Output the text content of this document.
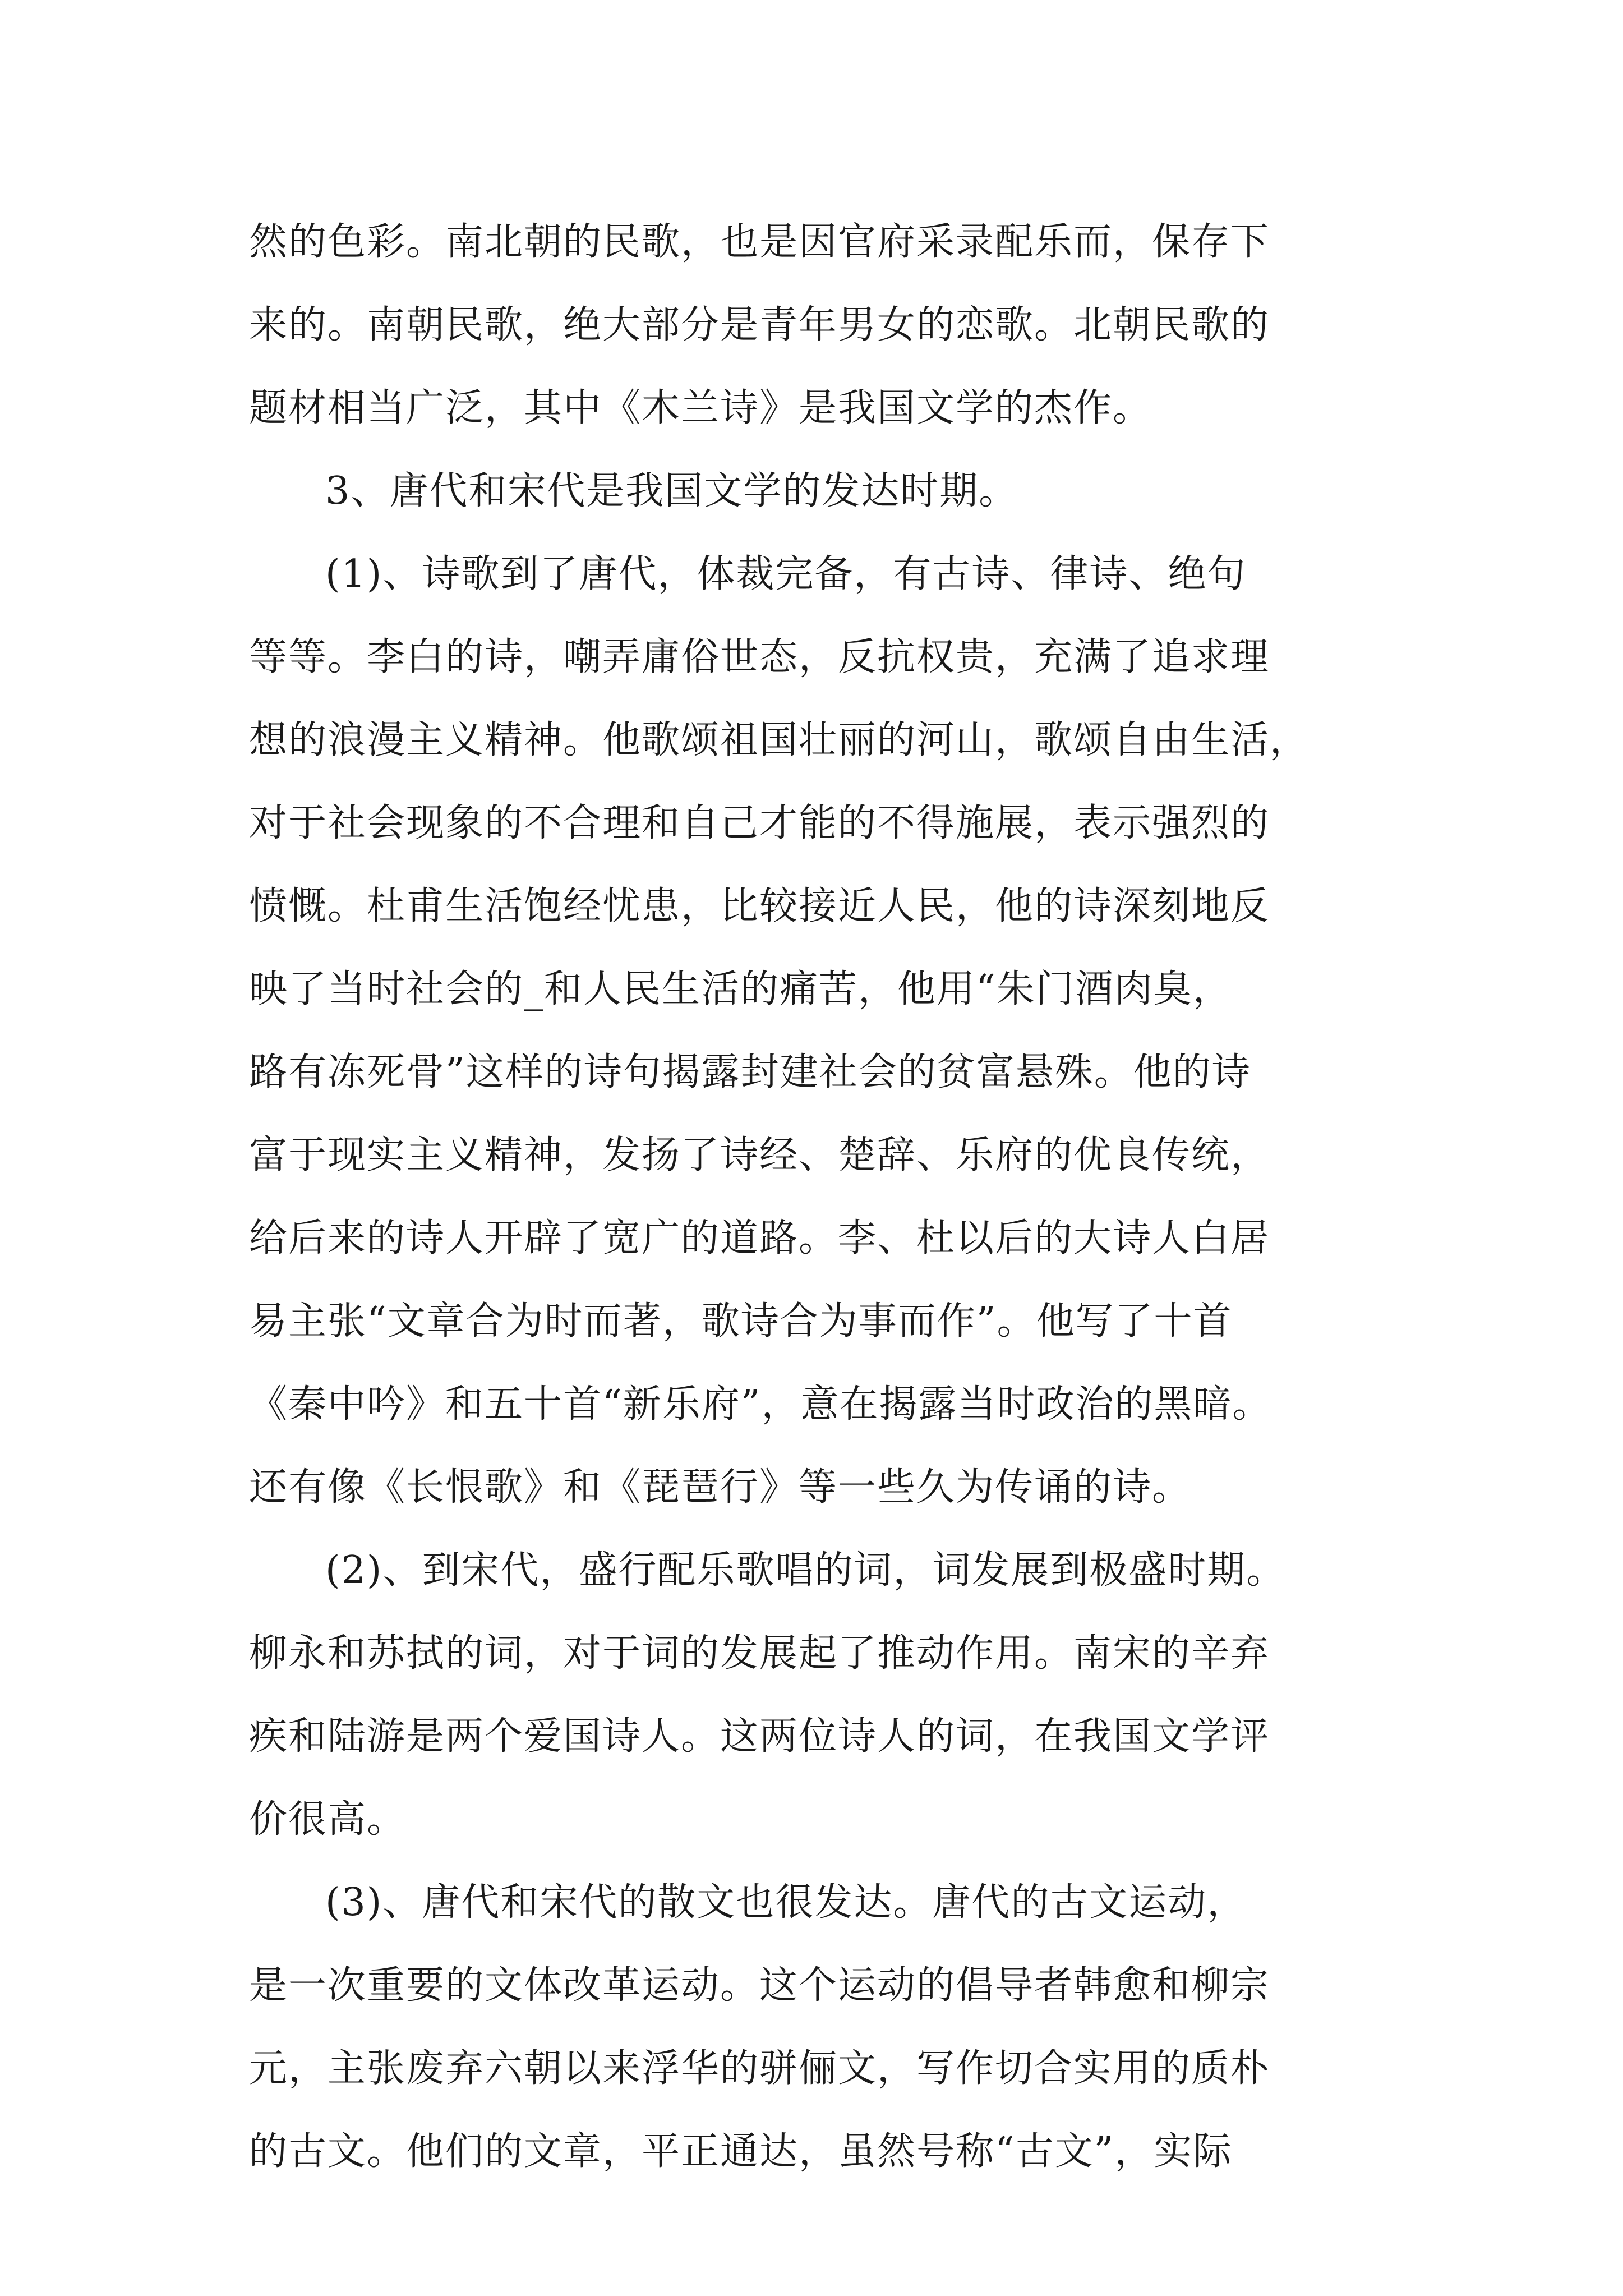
然的色彩。南北朝的民歌，也是因官府采录配乐而，保存下

来的。南朝民歌，绝大部分是青年男女的恋歌。北朝民歌的

题材相当广泛，其中《木兰诗》是我国文学的杰作。

3、唐代和宋代是我国文学的发达时期。

(1)、诗歌到了唐代，体裁完备，有古诗、律诗、绝句

等等。李白的诗，嘲弄庸俗世态，反抗权贵，充满了追求理

想的浪漫主义精神。他歌颂祖国壮丽的河山，歌颂自由生活，

对于社会现象的不合理和自己才能的不得施展，表示强烈的

愤慨。杜甫生活饱经忧患，比较接近人民，他的诗深刻地反

映了当时社会的_和人民生活的痛苦，他用“朱门酒肉臭，

路有冻死骨”这样的诗句揭露封建社会的贫富悬殊。他的诗

富于现实主义精神，发扬了诗经、楚辞、乐府的优良传统，

给后来的诗人开辟了宽广的道路。李、杜以后的大诗人白居

易主张“文章合为时而著，歌诗合为事而作”。他写了十首

《秦中吟》和五十首“新乐府”，意在揭露当时政治的黑暗。

还有像《长恨歌》和《琵琶行》等一些久为传诵的诗。

(2)、到宋代，盛行配乐歌唱的词，词发展到极盛时期。

柳永和苏拭的词，对于词的发展起了推动作用。南宋的辛弃

疾和陆游是两个爱国诗人。这两位诗人的词，在我国文学评

价很高。

(3)、唐代和宋代的散文也很发达。唐代的古文运动，

是一次重要的文体改革运动。这个运动的倡导者韩愈和柳宗

元，主张废弃六朝以来浮华的骈俪文，写作切合实用的质朴

的古文。他们的文章，平正通达，虽然号称“古文”，实际
